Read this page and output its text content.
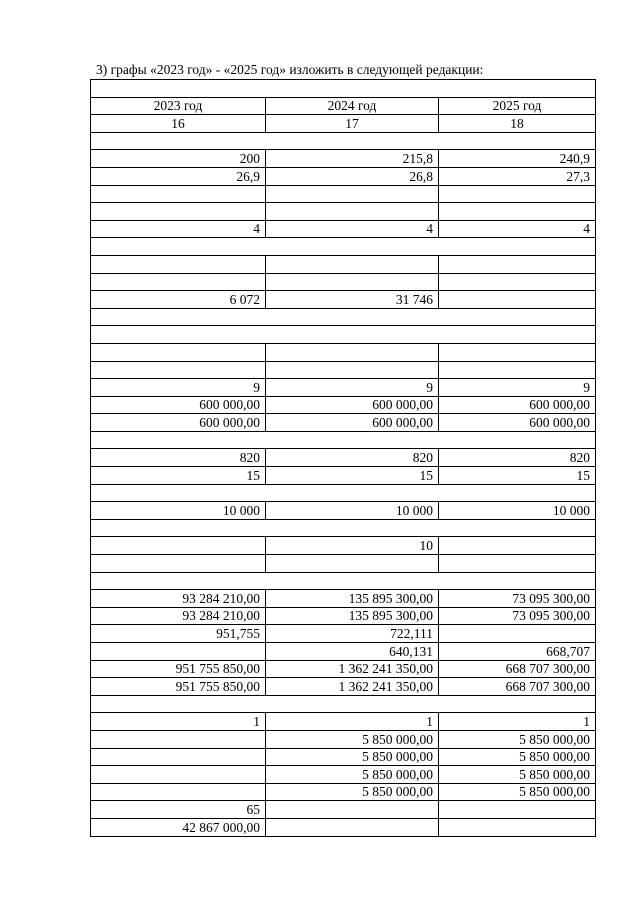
3) графы «2023 год» - «2025 год» изложить в следующей редакции:

2023 год	2024 год	2025 год
16	17	18

200	215,8	240,9
26,9	26,8	27,3

4	4	4

6 072	31 746	

9	9	9
600 000,00	600 000,00	600 000,00
600 000,00	600 000,00	600 000,00

820	820	820
15	15	15

10 000	10 000	10 000

	10	

93 284 210,00	135 895 300,00	73 095 300,00
93 284 210,00	135 895 300,00	73 095 300,00
951,755	722,111	
	640,131	668,707
951 755 850,00	1 362 241 350,00	668 707 300,00
951 755 850,00	1 362 241 350,00	668 707 300,00

1	1	1
	5 850 000,00	5 850 000,00
	5 850 000,00	5 850 000,00
	5 850 000,00	5 850 000,00
	5 850 000,00	5 850 000,00
65		
42 867 000,00		
